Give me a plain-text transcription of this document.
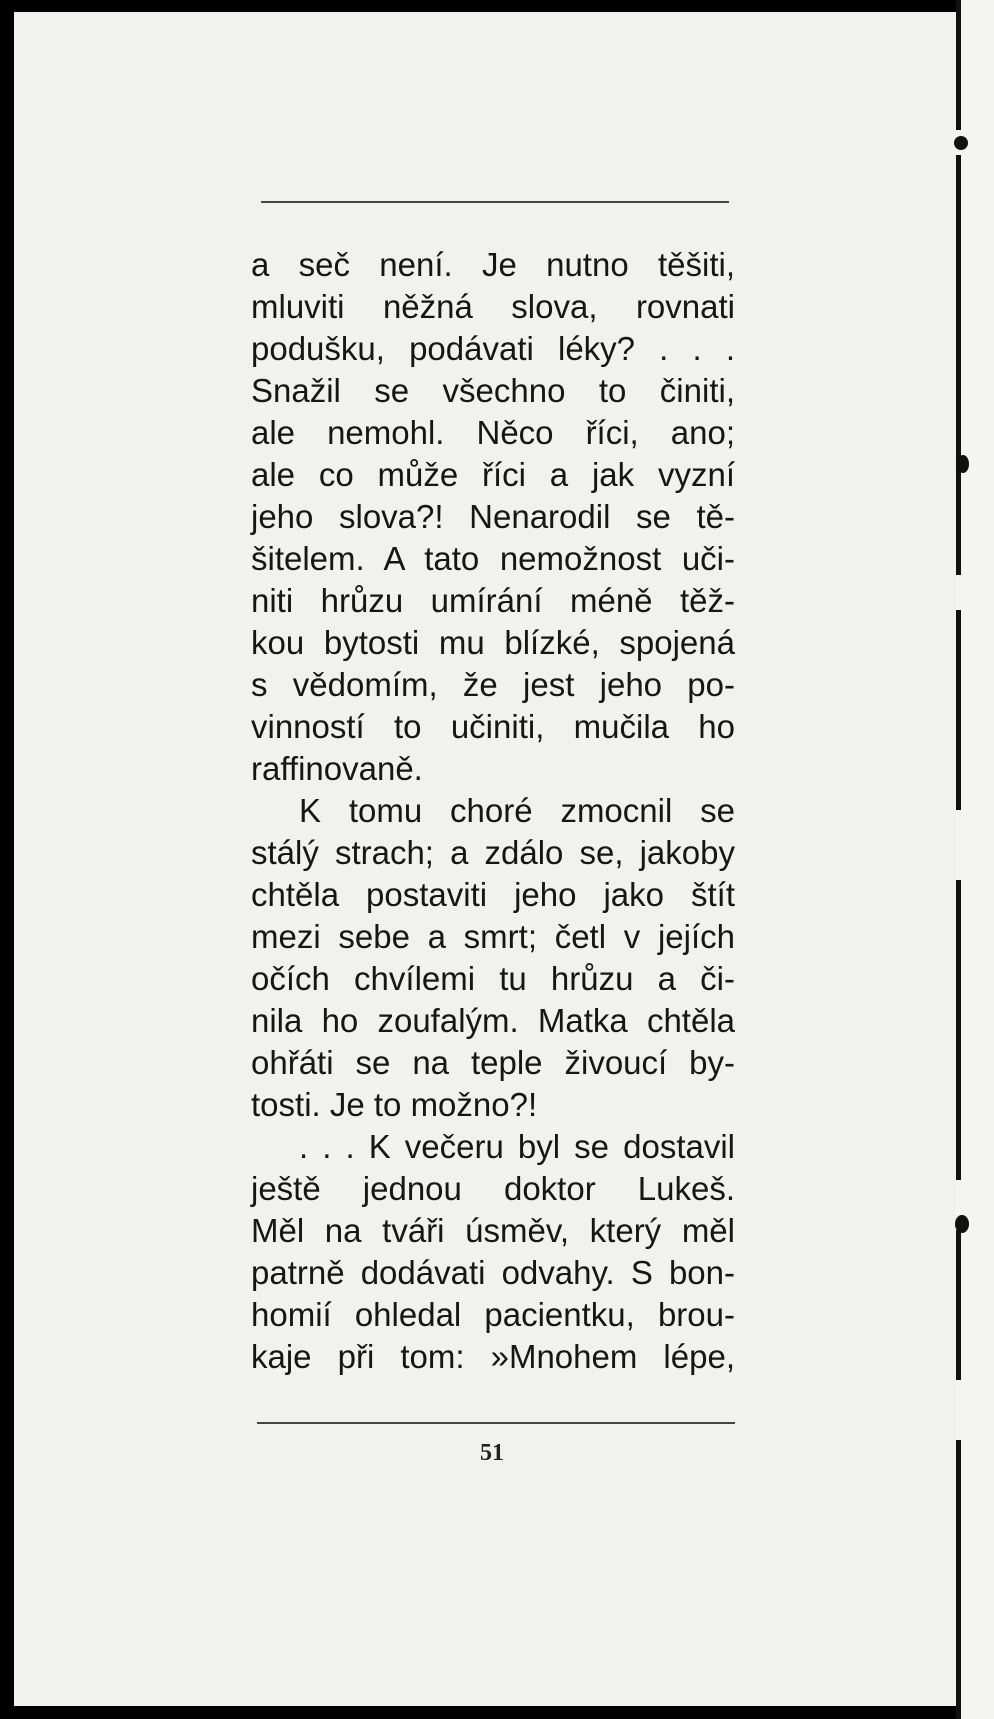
a seč není. Je nutno těšiti,
mluviti něžná slova, rovnati
podušku, podávati léky? . . .
Snažil se všechno to činiti,
ale nemohl. Něco říci, ano;
ale co může říci a jak vyzní
jeho slova?! Nenarodil se tě-
šitelem. A tato nemožnost uči-
niti hrůzu umírání méně těž-
kou bytosti mu blízké, spojená
s vědomím, že jest jeho po-
vinností to učiniti, mučila ho
raffinovaně.
K tomu choré zmocnil se
stálý strach; a zdálo se, jakoby
chtěla postaviti jeho jako štít
mezi sebe a smrt; četl v jejích
očích chvílemi tu hrůzu a či-
nila ho zoufalým. Matka chtěla
ohřáti se na teple živoucí by-
tosti. Je to možno?!
. . . K večeru byl se dostavil
ještě jednou doktor Lukeš.
Měl na tváři úsměv, který měl
patrně dodávati odvahy. S bon-
homií ohledal pacientku, brou-
kaje při tom: »Mnohem lépe,
51
